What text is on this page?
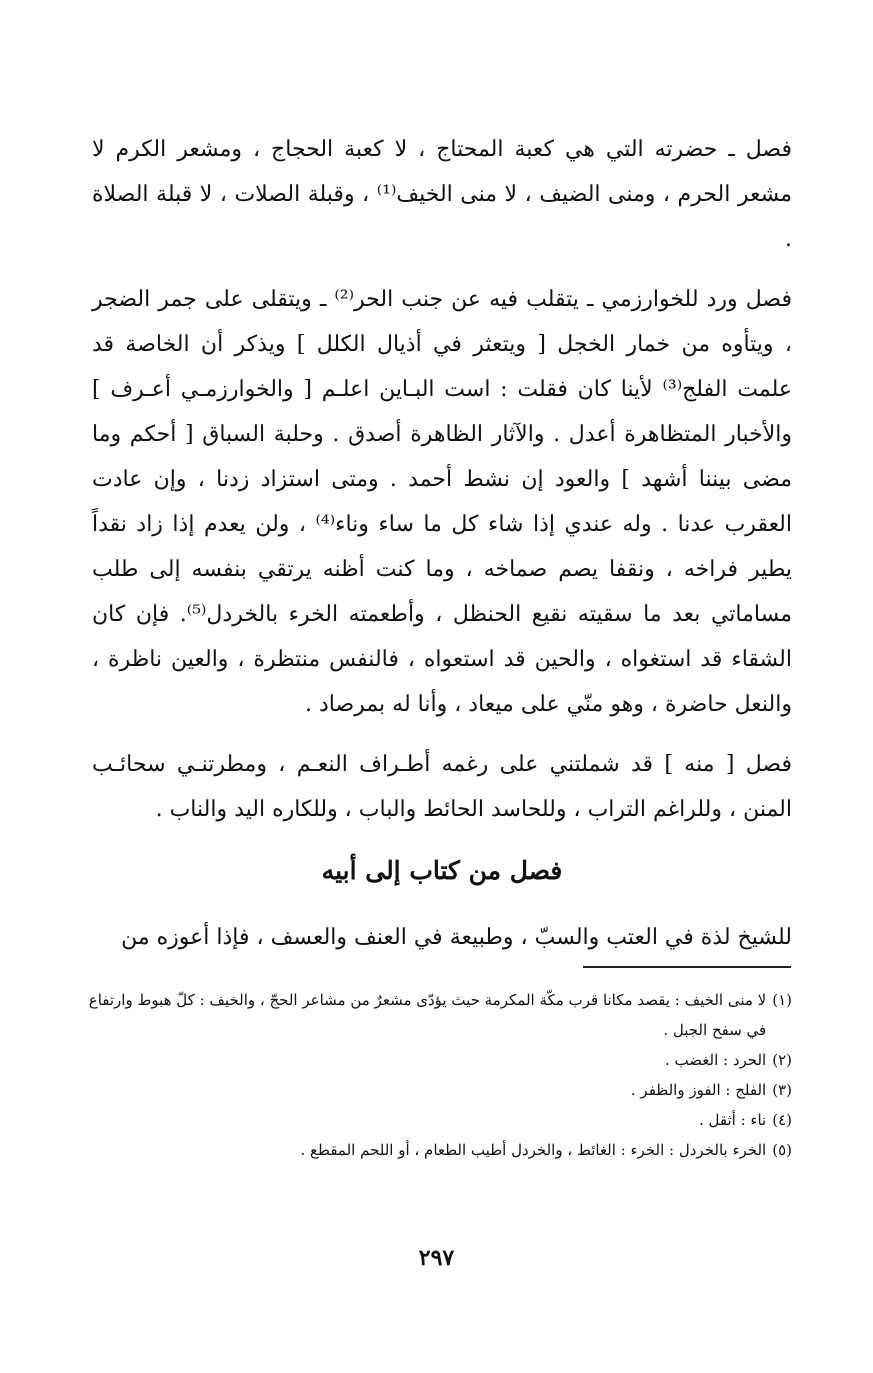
فصل ـ حضرته التي هي كعبة المحتاج ، لا كعبة الحجاج ، ومشعر الكرم لا مشعر الحرم ، ومنى الضيف ، لا منى الخيف⁽¹⁾ ، وقبلة الصلات ، لا قبلة الصلاة .

فصل ورد للخوارزمي ـ يتقلب فيه عن جنب الحر⁽²⁾ ـ ويتقلى على جمر الضجر ، ويتأوه من خمار الخجل [ ويتعثر في أذيال الكلل ] ويذكر أن الخاصة قد علمت الفلج⁽³⁾ لأينا كان فقلت : است البـاين اعلـم [ والخوارزمـي أعـرف ] والأخبار المتظاهرة أعدل . والآثار الظاهرة أصدق . وحلبة السباق [ أحكم وما مضى بيننا أشهد ] والعود إن نشط أحمد . ومتى استزاد زدنا ، وإن عادت العقرب عدنا . وله عندي إذا شاء كل ما ساء وناء⁽⁴⁾ ، ولن يعدم إذا زاد نقداً يطير فراخه ، ونقفا يصم صماخه ، وما كنت أظنه يرتقي بنفسه إلى طلب مساماتي بعد ما سقيته نقيع الحنظل ، وأطعمته الخرء بالخردل⁽⁵⁾. فإن كان الشقاء قد استغواه ، والحين قد استعواه ، فالنفس منتظرة ، والعين ناظرة ، والنعل حاضرة ، وهو منّي على ميعاد ، وأنا له بمرصاد .

فصل [ منه ] قد شملتني على رغمه أطـراف النعـم ، ومطرتنـي سحائـب المنن ، وللراغم التراب ، وللحاسد الحائط والباب ، وللكاره اليد والناب .

فصل من كتاب إلى أبيه

للشيخ لذة في العتب والسبّ ، وطبيعة في العنف والعسف ، فإذا أعوزه من

(١)
لا منى الخيف : يقصد مكانا قرب مكّة المكرمة حيث يؤدّى مشعرٌ من مشاعر الحجّ ، والخيف : كلّ هبوط وارتفاع في سفح الجبل .
(٢)
الحرد : الغضب .
(٣)
الفلج : الفوز والظفر .
(٤)
ناء : أثقل .
(٥)
الخرء بالخردل : الخرء : الغائط ، والخردل أطيب الطعام ، أو اللحم المقطع .
٢٩٧
